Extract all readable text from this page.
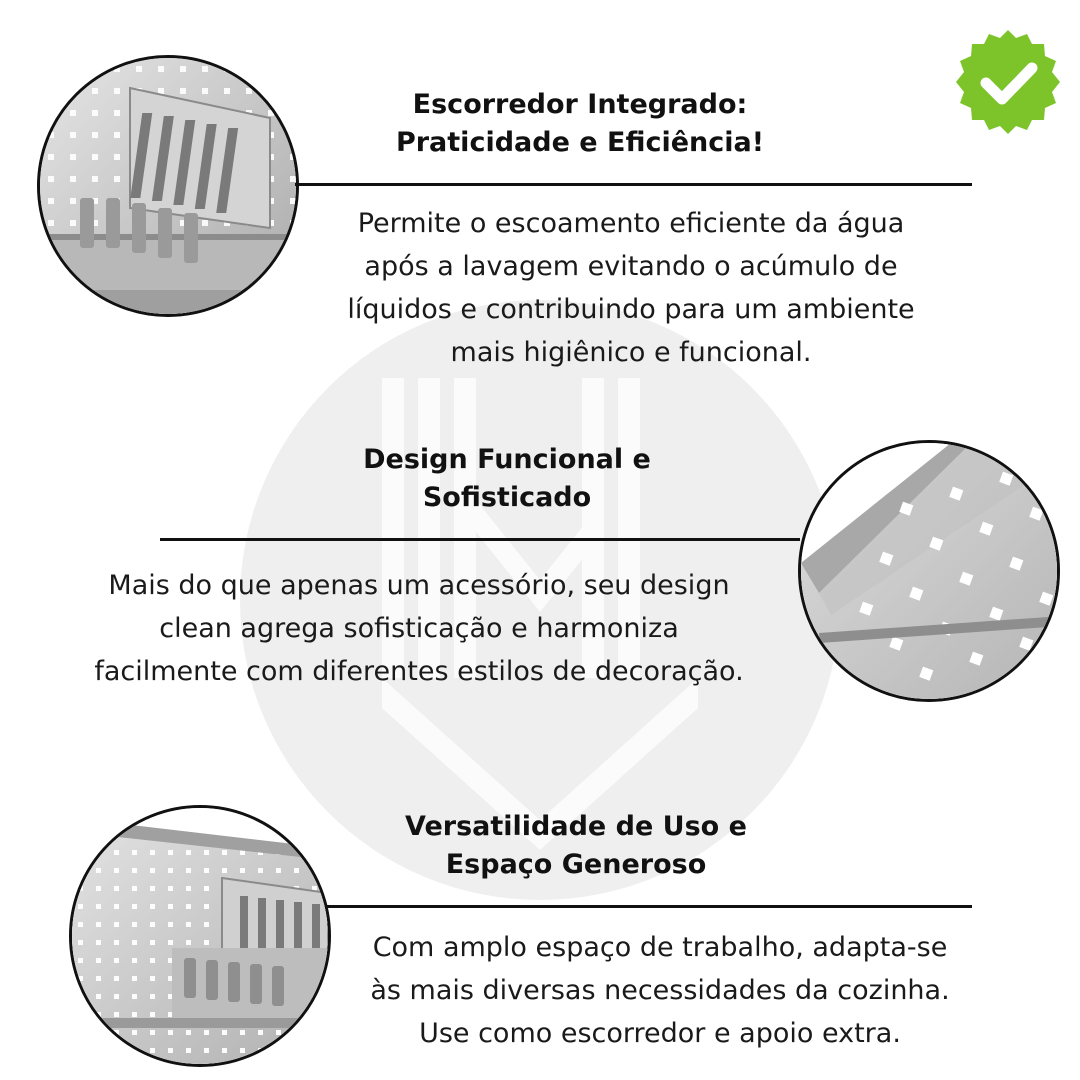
Escorredor Integrado:
Praticidade e Eficiência!
Permite o escoamento eficiente da água
após a lavagem evitando o acúmulo de
líquidos e contribuindo para um ambiente
mais higiênico e funcional.
Design Funcional e
Sofisticado
Mais do que apenas um acessório, seu design
clean agrega sofisticação e harmoniza
facilmente com diferentes estilos de decoração.
Versatilidade de Uso e
Espaço Generoso
Com amplo espaço de trabalho, adapta-se
às mais diversas necessidades da cozinha.
Use como escorredor e apoio extra.
